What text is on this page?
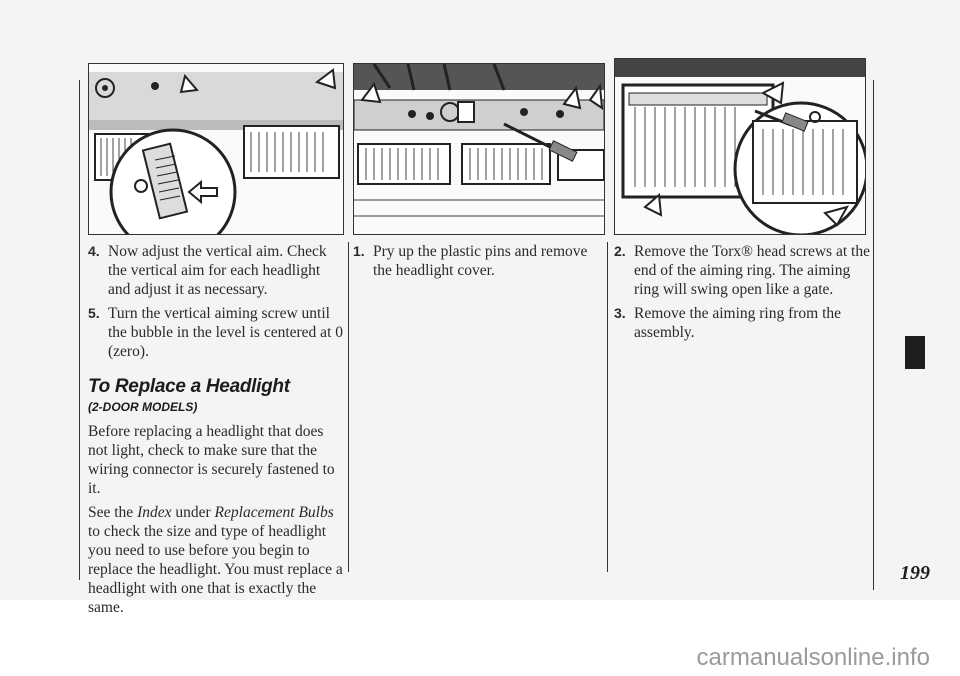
4. Now adjust the vertical aim. Check the vertical aim for each headlight and adjust it as necessary.
5. Turn the vertical aiming screw until the bubble in the level is centered at 0 (zero).
To Replace a Headlight
(2-DOOR MODELS)
Before replacing a headlight that does not light, check to make sure that the wiring connector is securely fastened to it.
See the Index under Replacement Bulbs to check the size and type of headlight you need to use before you begin to replace the headlight. You must replace a headlight with one that is exactly the same.
1. Pry up the plastic pins and remove the headlight cover.
2. Remove the Torx® head screws at the end of the aiming ring. The aiming ring will swing open like a gate.
3. Remove the aiming ring from the assembly.
199
carmanualsonline.info
